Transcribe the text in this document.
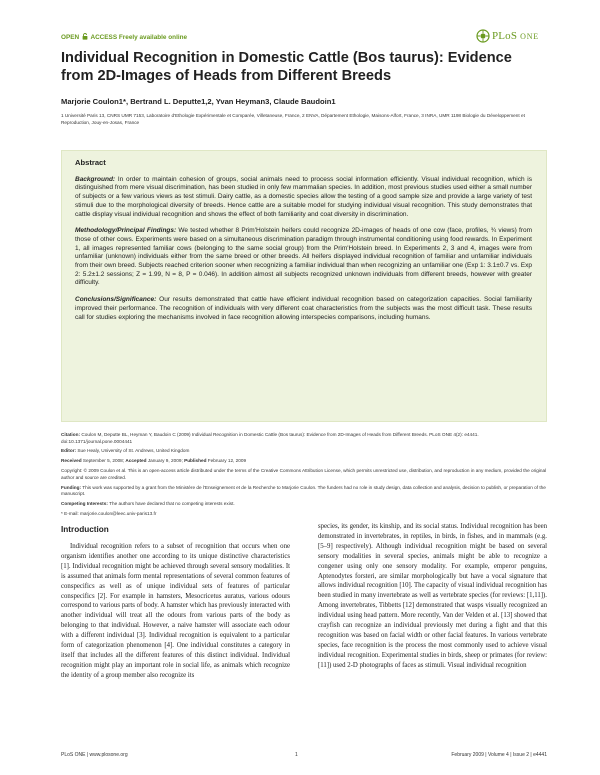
OPEN ACCESS Freely available online	PLoS ONE
Individual Recognition in Domestic Cattle (Bos taurus): Evidence from 2D-Images of Heads from Different Breeds
Marjorie Coulon1*, Bertrand L. Deputte1,2, Yvan Heyman3, Claude Baudoin1
1 Université Paris 13, CNRS UMR 7153, Laboratoire d'Ethologie Expérimentale et Comparée, Villetaneuse, France, 2 ENVA, Département Ethologie, Maisons-Alfort, France, 3 INRA, UMR 1198 Biologie du Développement et Reproduction, Jouy-en-Josas, France
Abstract

Background: In order to maintain cohesion of groups, social animals need to process social information efficiently. Visual individual recognition, which is distinguished from mere visual discrimination, has been studied in only few mammalian species. In addition, most previous studies used either a small number of subjects or a few various views as test stimuli. Dairy cattle, as a domestic species allow the testing of a good sample size and provide a large variety of test stimuli due to the morphological diversity of breeds. Hence cattle are a suitable model for studying individual visual recognition. This study demonstrates that cattle display visual individual recognition and shows the effect of both familiarity and coat diversity in discrimination.

Methodology/Principal Findings: We tested whether 8 Prim'Holstein heifers could recognize 2D-images of heads of one cow (face, profiles, ¾ views) from those of other cows. Experiments were based on a simultaneous discrimination paradigm through instrumental conditioning using food rewards. In Experiment 1, all images represented familiar cows (belonging to the same social group) from the Prim'Holstein breed. In Experiments 2, 3 and 4, images were from unfamiliar (unknown) individuals either from the same breed or other breeds. All heifers displayed individual recognition of familiar and unfamiliar individuals from their own breed. Subjects reached criterion sooner when recognizing a familiar individual than when recognizing an unfamiliar one (Exp 1: 3.1±0.7 vs. Exp 2: 5.2±1.2 sessions; Z = 1.99, N = 8, P = 0.046). In addition almost all subjects recognized unknown individuals from different breeds, however with greater difficulty.

Conclusions/Significance: Our results demonstrated that cattle have efficient individual recognition based on categorization capacities. Social familiarity improved their performance. The recognition of individuals with very different coat characteristics from the subjects was the most difficult task. These results call for studies exploring the mechanisms involved in face recognition allowing interspecies comparisons, including humans.

Citation: Coulon M, Deputte BL, Heyman Y, Baudoin C (2009) Individual Recognition in Domestic Cattle (Bos taurus): Evidence from 2D-Images of Heads from Different Breeds. PLoS ONE 4(2): e4441. doi:10.1371/journal.pone.0004441

Editor: Sue Healy, University of St. Andrews, United Kingdom

Received September 5, 2008; Accepted January 9, 2009; Published February 12, 2009

Copyright: © 2009 Coulon et al. This is an open-access article distributed under the terms of the Creative Commons Attribution License, which permits unrestricted use, distribution, and reproduction in any medium, provided the original author and source are credited.

Funding: This work was supported by a grant from the Ministère de l'Enseignement et de la Recherche to Marjorie Coulon. The funders had no role in study design, data collection and analysis, decision to publish, or preparation of the manuscript.

Competing Interests: The authors have declared that no competing interests exist.

* E-mail: marjorie.coulon@leec.univ-paris13.fr

Introduction

Individual recognition refers to a subset of recognition that occurs when one organism identifies another one according to its unique distinctive characteristics [1]. Individual recognition might be achieved through several sensory modalities. It is assumed that animals form mental representations of several common features of conspecifics as well as of unique individual sets of features of particular conspecifics [2]. For example in hamsters, Mesocricetus auratus, various odours correspond to various parts of body. A hamster which has previously interacted with another individual will treat all the odours from various parts of the body as belonging to that individual. However, a naive hamster will associate each odour with a different individual [3]. Individual recognition is equivalent to a particular form of categorization phenomenon [4]. One individual constitutes a category in itself that includes all the different features of this distinct individual. Individual recognition might play an important role in social life, as animals which recognize the identity of a group member also recognize its

species, its gender, its kinship, and its social status. Individual recognition has been demonstrated in invertebrates, in reptiles, in birds, in fishes, and in mammals (e.g. [5–9] respectively). Although individual recognition might be based on several sensory modalities in several species, animals might be able to recognize a congener using only one sensory modality. For example, emperor penguins, Aptenodytes forsteri, are similar morphologically but have a vocal signature that allows individual recognition [10]. The capacity of visual individual recognition has been studied in many invertebrate as well as vertebrate species (for reviews: [1,11]). Among invertebrates, Tibbetts [12] demonstrated that wasps visually recognized an individual using head pattern. More recently, Van der Velden et al. [13] showed that crayfish can recognize an individual previously met during a fight and that this recognition was based on facial width or other facial features. In various vertebrate species, face recognition is the process the most commonly used to achieve visual individual recognition. Experimental studies in birds, sheep or primates (for review: [11]) used 2-D photographs of faces as stimuli. Visual individual recognition

PLoS ONE | www.plosone.org	1	February 2009 | Volume 4 | Issue 2 | e4441
